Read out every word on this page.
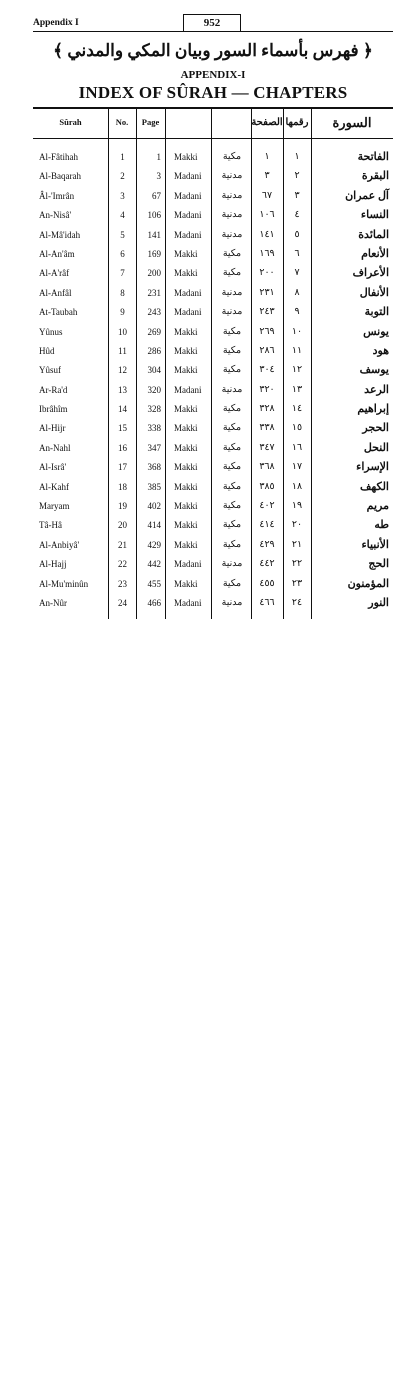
Appendix I	952
﴿ فهرس بأسماء السور وبيان المكي والمدني ﴾
APPENDIX-I
INDEX OF SÛRAH — CHAPTERS
Sûrah	No.	Page	الصفحة رقمها	السورة
Al-Fâtihah	1	1 Makki	مكية	١	١	الفاتحة
Al-Baqarah	2	3 Madani	مدنية	٣	٢	البقرة
Âl-'Imrân	3	67 Madani	مدنية	٦٧	٣	آل عمران
An-Nisâ'	4	106 Madani	مدنية	١٠٦	٤	النساء
Al-Mâ'idah	5	141 Madani	مدنية	١٤١	٥	المائدة
Al-An'âm	6	169 Makki	مكية	١٦٩	٦	الأنعام
Al-A'râf	7	200 Makki	مكية	٢٠٠	٧	الأعراف
Al-Anfâl	8	231 Madani	مدنية	٢٣١	٨	الأنفال
At-Taubah	9	243 Madani	مدنية	٢٤٣	٩	التوبة
Yûnus	10	269 Makki	مكية	٢٦٩	١٠	يونس
Hûd	11	286 Makki	مكية	٢٨٦	١١	هود
Yûsuf	12	304 Makki	مكية	٣٠٤	١٢	يوسف
Ar-Ra'd	13	320 Madani	مدنية	٣٢٠	١٣	الرعد
Ibrâhîm	14	328 Makki	مكية	٣٢٨	١٤	إبراهيم
Al-Hijr	15	338 Makki	مكية	٣٣٨	١٥	الحجر
An-Nahl	16	347 Makki	مكية	٣٤٧	١٦	النحل
Al-Isrâ'	17	368 Makki	مكية	٣٦٨	١٧	الإسراء
Al-Kahf	18	385 Makki	مكية	٣٨٥	١٨	الكهف
Maryam	19	402 Makki	مكية	٤٠٢	١٩	مريم
Tâ-Hâ	20	414 Makki	مكية	٤١٤	٢٠	طه
Al-Anbiyâ'	21	429 Makki	مكية	٤٢٩	٢١	الأنبياء
Al-Hajj	22	442 Madani	مدنية	٤٤٢	٢٢	الحج
Al-Mu'minûn	23	455 Makki	مكية	٤٥٥	٢٣	المؤمنون
An-Nûr	24	466 Madani	مدنية	٤٦٦	٢٤	النور
